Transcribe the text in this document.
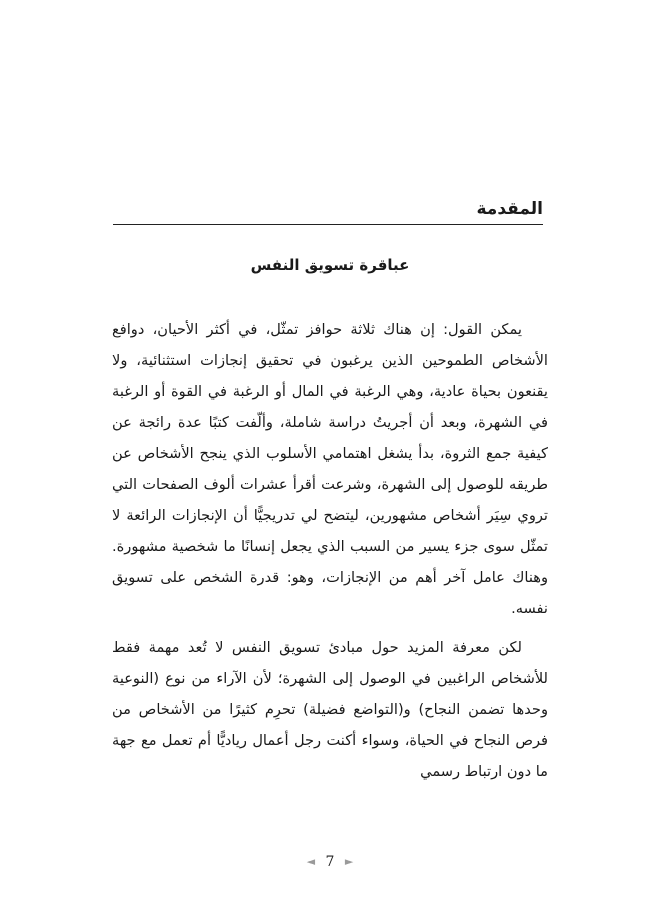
المقدمة
عباقرة تسويق النفس

يمكن القول: إن هناك ثلاثة حوافز تمثّل، في أكثر الأحيان، دوافع الأشخاص الطموحين الذين يرغبون في تحقيق إنجازات استثنائية، ولا يقنعون بحياة عادية، وهي الرغبة في المال أو الرغبة في القوة أو الرغبة في الشهرة، وبعد أن أجريتُ دراسة شاملة، وألّفت كتبًا عدة رائجة عن كيفية جمع الثروة، بدأ يشغل اهتمامي الأسلوب الذي ينجح الأشخاص عن طريقه للوصول إلى الشهرة، وشرعت أقرأ عشرات ألوف الصفحات التي تروي سِيَر أشخاص مشهورين، ليتضح لي تدريجيًّا أن الإنجازات الرائعة لا تمثّل سوى جزء يسير من السبب الذي يجعل إنسانًا ما شخصية مشهورة. وهناك عامل آخر أهم من الإنجازات، وهو: قدرة الشخص على تسويق نفسه.

لكن معرفة المزيد حول مبادئ تسويق النفس لا تُعد مهمة فقط للأشخاص الراغبين في الوصول إلى الشهرة؛ لأن الآراء من نوع (النوعية وحدها تضمن النجاح) و(التواضع فضيلة) تحرِم كثيرًا من الأشخاص من فرص النجاح في الحياة، وسواء أكنت رجل أعمال رياديًّا أم تعمل مع جهة ما دون ارتباط رسمي

◄ 7 ►
